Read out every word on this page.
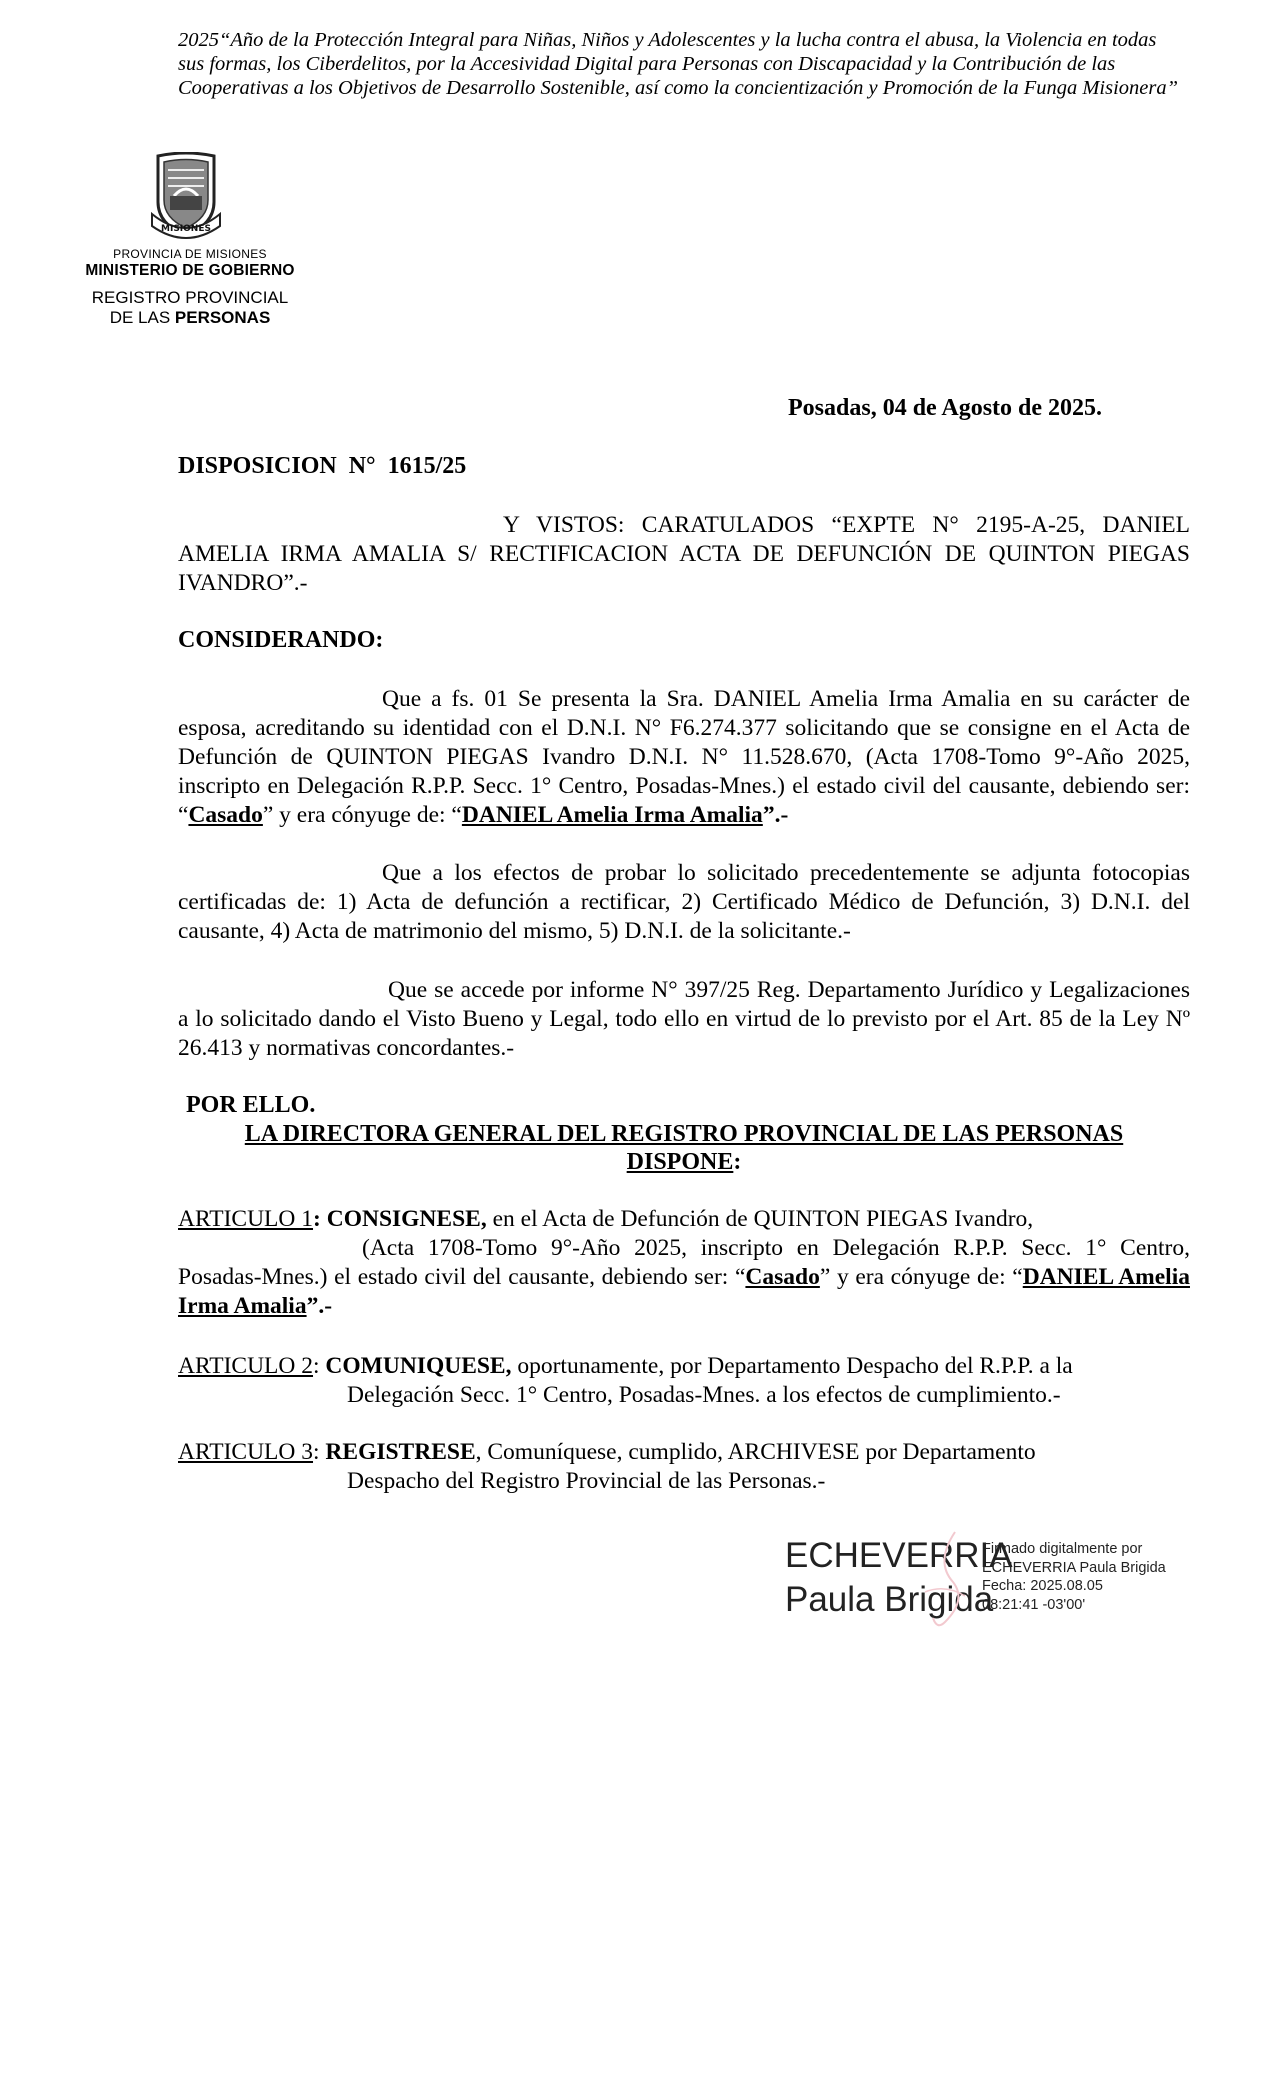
2025“Año de la Protección Integral para Niñas, Niños y Adolescentes y la lucha contra el abusa, la Violencia en todas sus formas, los Ciberdelitos, por la Accesividad Digital para Personas con Discapacidad y la Contribución de las Cooperativas a los Objetivos de Desarrollo Sostenible, así como la concientización y Promoción de la Funga Misionera”
MISIONES
PROVINCIA DE MISIONES
MINISTERIO DE GOBIERNO
REGISTRO PROVINCIAL
DE LAS PERSONAS
Posadas, 04 de Agosto de 2025.
DISPOSICION  N°  1615/25
Y VISTOS: CARATULADOS “EXPTE N° 2195-A-25, DANIEL AMELIA IRMA AMALIA S/ RECTIFICACION ACTA DE DEFUNCIÓN DE QUINTON PIEGAS IVANDRO”.-
CONSIDERANDO:
Que a fs. 01 Se presenta la Sra. DANIEL Amelia Irma Amalia en su carácter de esposa, acreditando su identidad con el D.N.I. N° F6.274.377 solicitando que se consigne en el Acta de Defunción de QUINTON PIEGAS Ivandro D.N.I. N° 11.528.670, (Acta 1708-Tomo 9°-Año 2025, inscripto en Delegación R.P.P. Secc. 1° Centro, Posadas-Mnes.) el estado civil del causante, debiendo ser: “Casado” y era cónyuge de: “DANIEL Amelia Irma Amalia”.-
Que a los efectos de probar lo solicitado precedentemente se adjunta fotocopias certificadas de: 1) Acta de defunción a rectificar, 2) Certificado Médico de Defunción, 3) D.N.I. del causante, 4) Acta de matrimonio del mismo, 5) D.N.I. de la solicitante.-
Que se accede por informe N° 397/25 Reg. Departamento Jurídico y Legalizaciones a lo solicitado dando el Visto Bueno y Legal, todo ello en virtud de lo previsto por el Art. 85 de la Ley Nº 26.413 y normativas concordantes.-
POR ELLO.
LA DIRECTORA GENERAL DEL REGISTRO PROVINCIAL DE LAS PERSONAS
DISPONE:
ARTICULO 1: CONSIGNESE, en el Acta de Defunción de QUINTON PIEGAS Ivandro,
(Acta 1708-Tomo 9°-Año 2025, inscripto en Delegación R.P.P. Secc. 1° Centro, Posadas-Mnes.) el estado civil del causante, debiendo ser: “Casado” y era cónyuge de: “DANIEL Amelia Irma Amalia”.-
ARTICULO 2: COMUNIQUESE, oportunamente, por Departamento Despacho del R.P.P. a la
Delegación Secc. 1° Centro, Posadas-Mnes. a los efectos de cumplimiento.-
ARTICULO 3: REGISTRESE, Comuníquese, cumplido, ARCHIVESE por Departamento
Despacho del Registro Provincial de las Personas.-
ECHEVERRIA
Paula Brigida
Firmado digitalmente por
ECHEVERRIA Paula Brigida
Fecha: 2025.08.05
08:21:41 -03'00'
